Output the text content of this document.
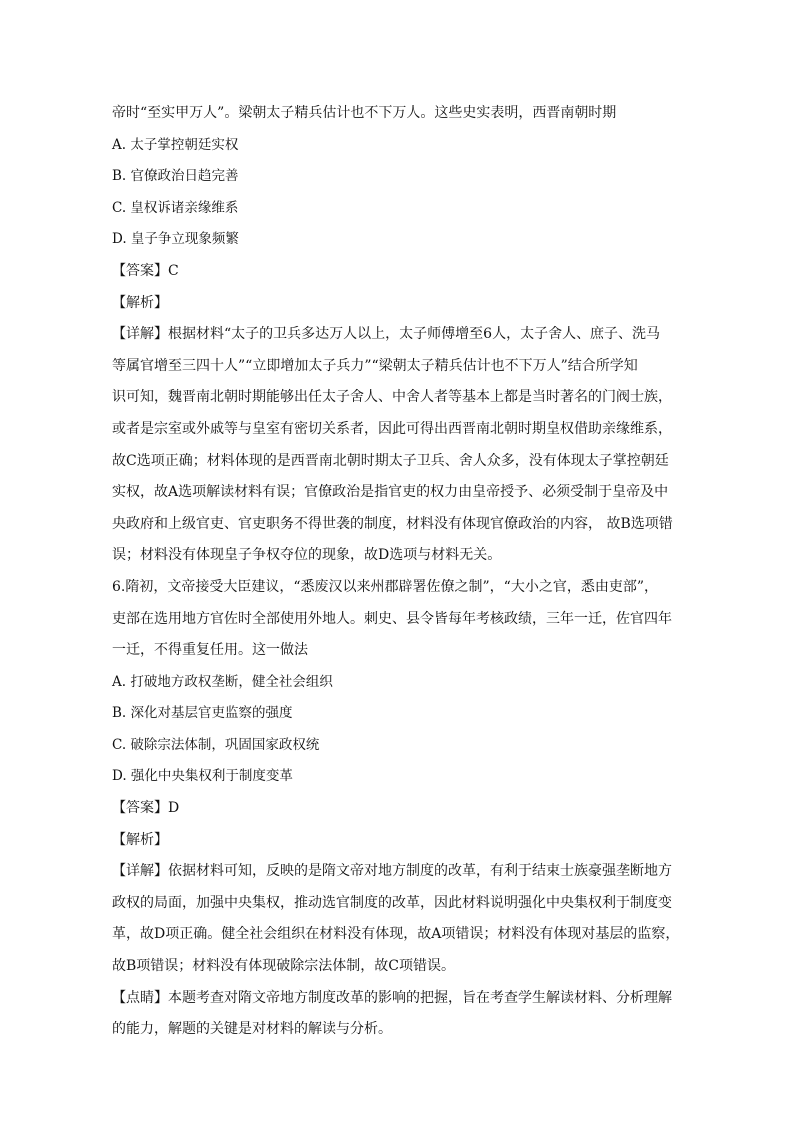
帝时“至实甲万人”。梁朝太子精兵估计也不下万人。这些史实表明，西晋南朝时期
A. 太子掌控朝廷实权
B. 官僚政治日趋完善
C. 皇权诉诸亲缘维系
D. 皇子争立现象频繁
【答案】C
【解析】
【详解】根据材料“太子的卫兵多达万人以上，太子师傅增至6人，太子舍人、庶子、洗马
等属官增至三四十人”“立即增加太子兵力”“梁朝太子精兵估计也不下万人”结合所学知
识可知，魏晋南北朝时期能够出任太子舍人、中舍人者等基本上都是当时著名的门阀士族，
或者是宗室或外戚等与皇室有密切关系者，因此可得出西晋南北朝时期皇权借助亲缘维系，
故C选项正确；材料体现的是西晋南北朝时期太子卫兵、舍人众多，没有体现太子掌控朝廷
实权，故A选项解读材料有误；官僚政治是指官吏的权力由皇帝授予、必须受制于皇帝及中
央政府和上级官吏、官吏职务不得世袭的制度，材料没有体现官僚政治的内容， 故B选项错
误；材料没有体现皇子争权夺位的现象，故D选项与材料无关。
6.隋初，文帝接受大臣建议，“悉废汉以来州郡辟署佐僚之制”，“大小之官，悉由吏部”，
吏部在选用地方官佐时全部使用外地人。刺史、县令皆每年考核政绩，三年一迁，佐官四年
一迁，不得重复任用。这一做法
A. 打破地方政权垄断，健全社会组织
B. 深化对基层官吏监察的强度
C. 破除宗法体制，巩固国家政权统
D. 强化中央集权利于制度变革
【答案】D
【解析】
【详解】依据材料可知，反映的是隋文帝对地方制度的改革，有利于结束士族豪强垄断地方
政权的局面，加强中央集权，推动选官制度的改革，因此材料说明强化中央集权利于制度变
革，故D项正确。健全社会组织在材料没有体现，故A项错误；材料没有体现对基层的监察，
故B项错误；材料没有体现破除宗法体制，故C项错误。
【点睛】本题考查对隋文帝地方制度改革的影响的把握，旨在考查学生解读材料、分析理解
的能力，解题的关键是对材料的解读与分析。
